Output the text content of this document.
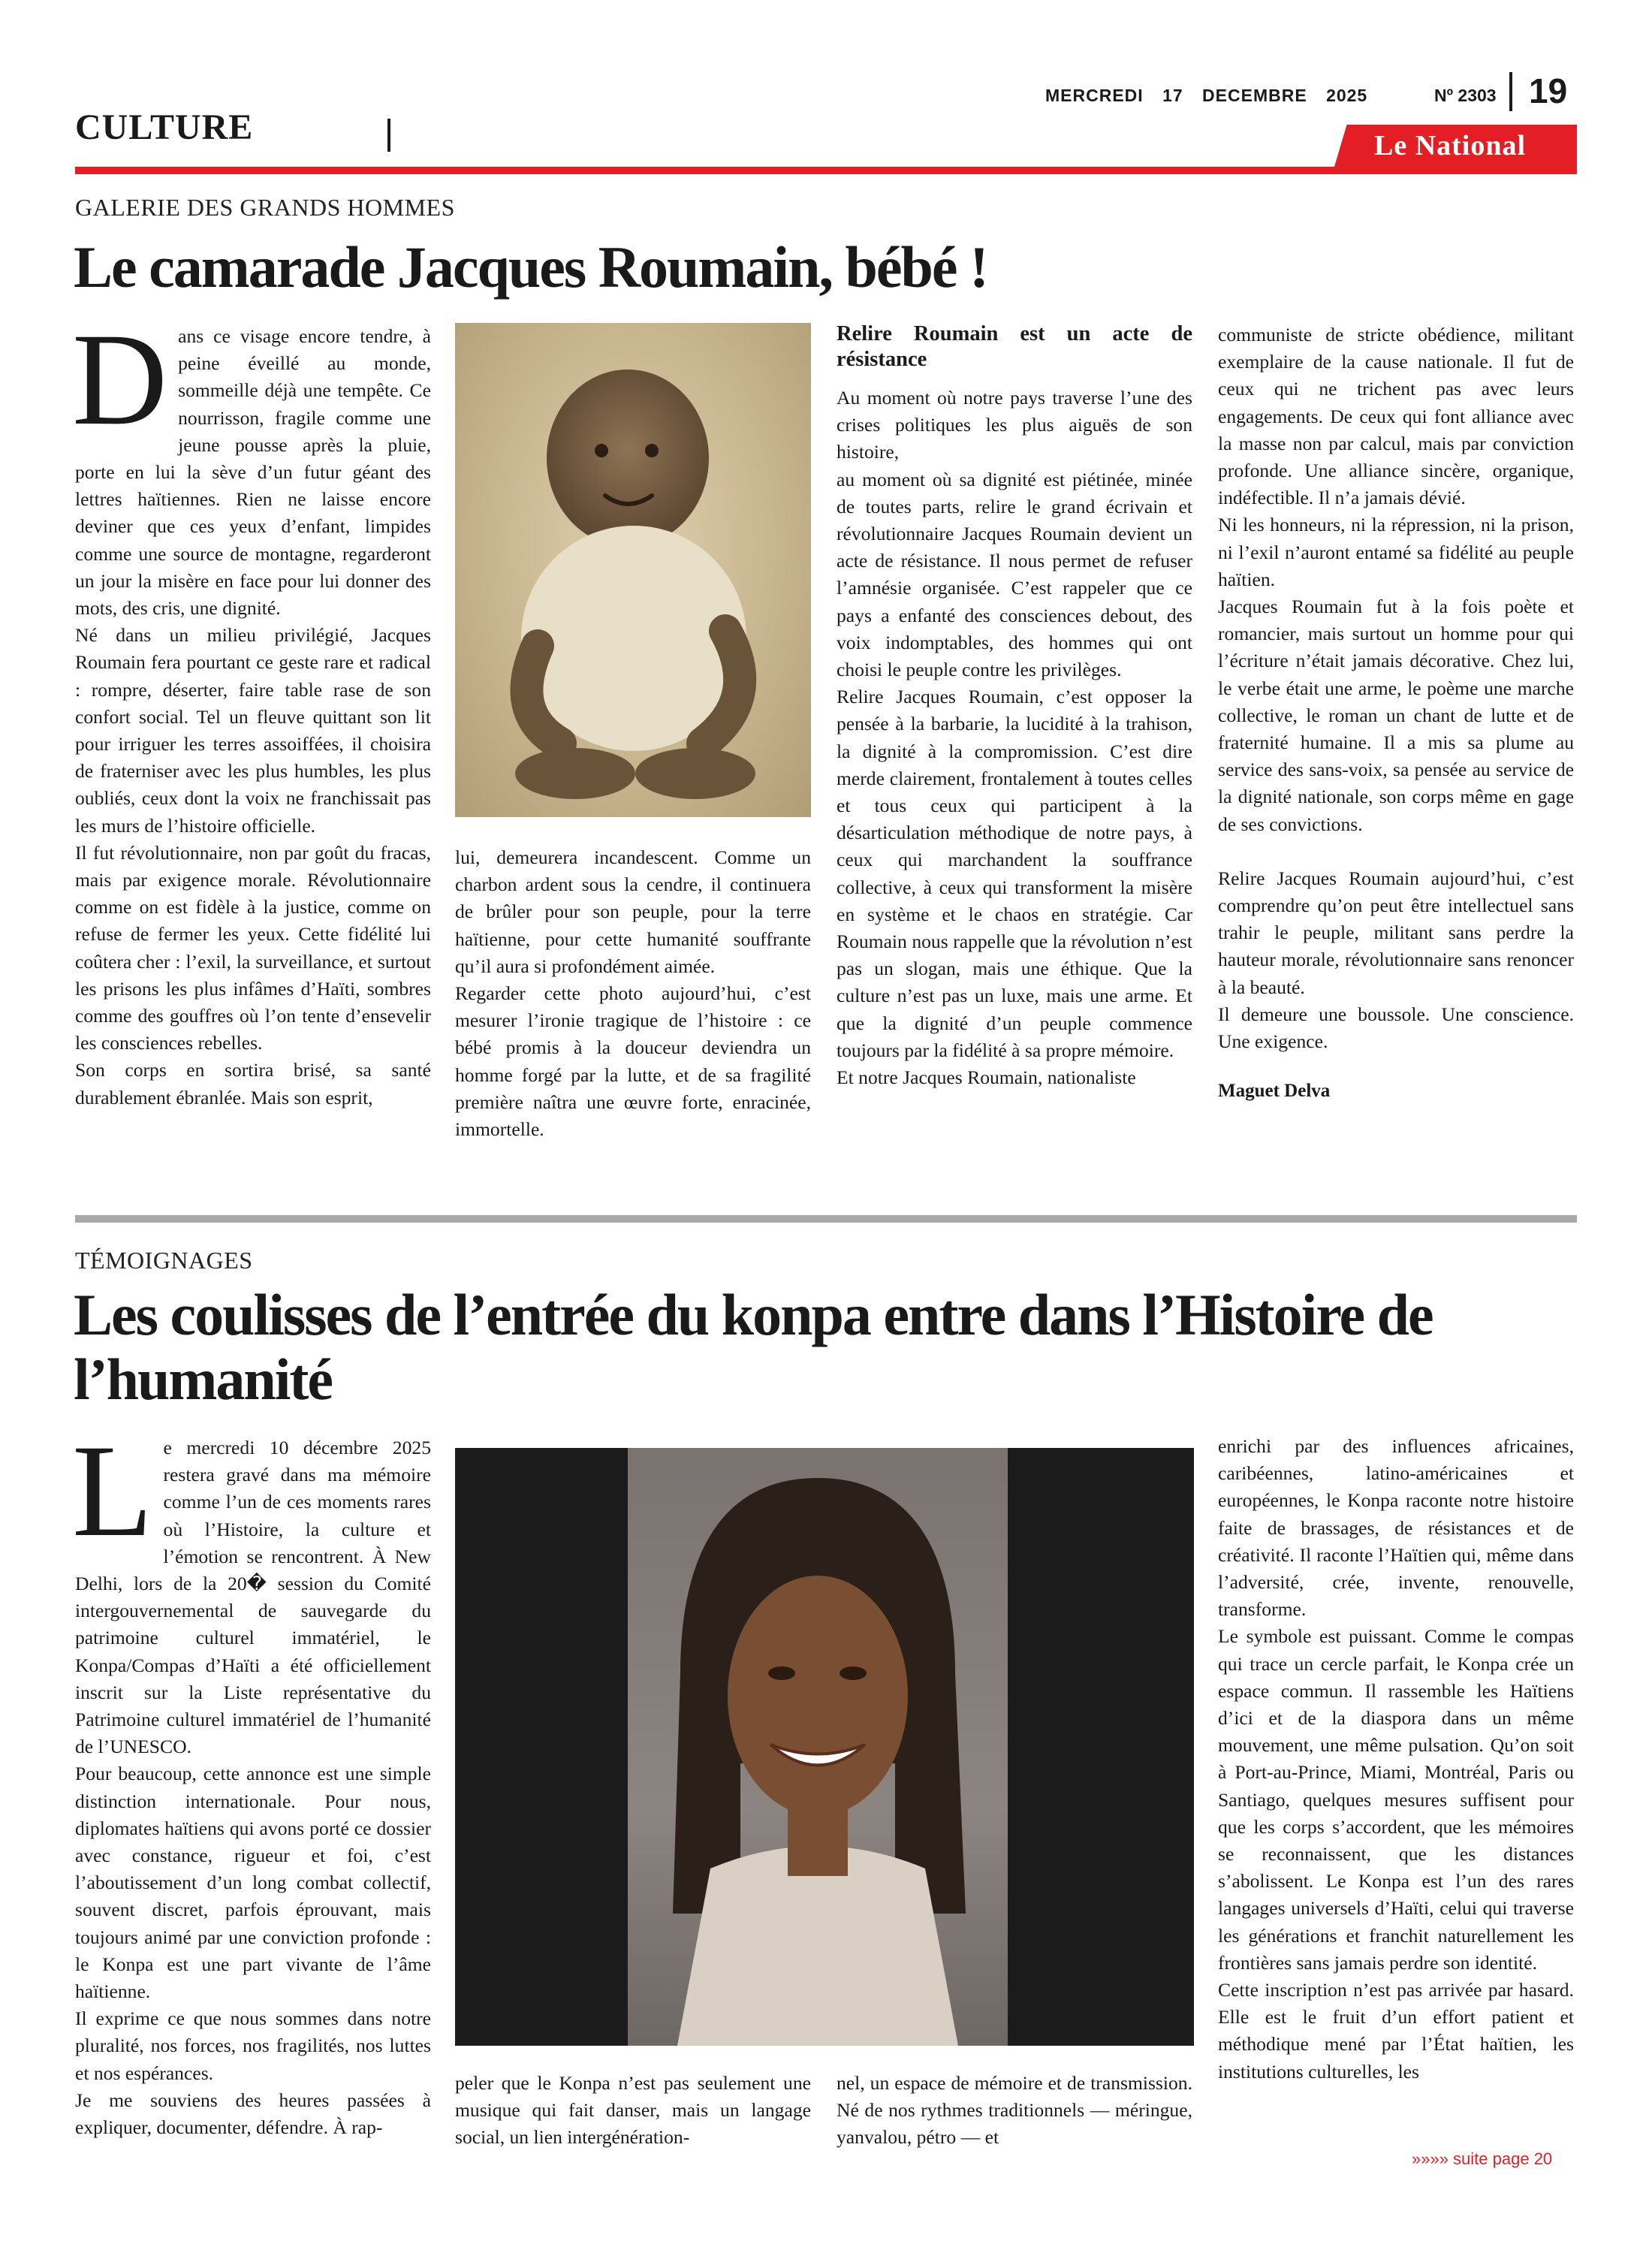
MERCREDI 17 DECEMBRE 2025	Nº 2303 19
CULTURE	Le National
GALERIE DES GRANDS HOMMES
Le camarade Jacques Roumain, bébé !
D ans ce visage encore tendre, à peine éveillé au monde, sommeille déjà une tempête. Ce nourrisson, fragile comme une jeune pousse après la pluie, porte en lui la sève d’un futur géant des lettres haïtiennes. Rien ne laisse encore deviner que ces yeux d’enfant, limpides comme une source de montagne, regarderont un jour la misère en face pour lui donner des mots, des cris, une dignité.

Né dans un milieu privilégié, Jacques Roumain fera pourtant ce geste rare et radical : rompre, déserter, faire table rase de son confort social. Tel un fleuve quittant son lit pour irriguer les terres assoiffées, il choisira de fraterniser avec les plus humbles, les plus oubliés, ceux dont la voix ne franchissait pas les murs de l’histoire officielle.

Il fut révolutionnaire, non par goût du fracas, mais par exigence morale. Révolutionnaire comme on est fidèle à la justice, comme on refuse de fermer les yeux. Cette fidélité lui coûtera cher : l’exil, la surveillance, et surtout les prisons les plus infâmes d’Haïti, sombres comme des gouffres où l’on tente d’ensevelir les consciences rebelles.

Son corps en sortira brisé, sa santé durablement ébranlée. Mais son esprit,

lui, demeurera incandescent. Comme un charbon ardent sous la cendre, il continuera de brûler pour son peuple, pour la terre haïtienne, pour cette humanité souffrante qu’il aura si profondément aimée.

Regarder cette photo aujourd’hui, c’est mesurer l’ironie tragique de l’histoire : ce bébé promis à la douceur deviendra un homme forgé par la lutte, et de sa fragilité première naîtra une œuvre forte, enracinée, immortelle.

Relire Roumain est un acte de résistance

Au moment où notre pays traverse l’une des crises politiques les plus aiguës de son histoire,

au moment où sa dignité est piétinée, minée de toutes parts, relire le grand écrivain et révolutionnaire Jacques Roumain devient un acte de résistance. Il nous permet de refuser l’amnésie organisée. C’est rappeler que ce pays a enfanté des consciences debout, des voix indomptables, des hommes qui ont choisi le peuple contre les privilèges.

Relire Jacques Roumain, c’est opposer la pensée à la barbarie, la lucidité à la trahison, la dignité à la compromission. C’est dire merde clairement, frontalement à toutes celles et tous ceux qui participent à la désarticulation méthodique de notre pays, à ceux qui marchandent la souffrance collective, à ceux qui transforment la misère en système et le chaos en stratégie. Car Roumain nous rappelle que la révolution n’est pas un slogan, mais une éthique. Que la culture n’est pas un luxe, mais une arme. Et que la dignité d’un peuple commence toujours par la fidélité à sa propre mémoire.

Et notre Jacques Roumain, nationaliste

communiste de stricte obédience, militant exemplaire de la cause nationale. Il fut de ceux qui ne trichent pas avec leurs engagements. De ceux qui font alliance avec la masse non par calcul, mais par conviction profonde. Une alliance sincère, organique, indéfectible. Il n’a jamais dévié.

Ni les honneurs, ni la répression, ni la prison, ni l’exil n’auront entamé sa fidélité au peuple haïtien.

Jacques Roumain fut à la fois poète et romancier, mais surtout un homme pour qui l’écriture n’était jamais décorative. Chez lui, le verbe était une arme, le poème une marche collective, le roman un chant de lutte et de fraternité humaine. Il a mis sa plume au service des sans-voix, sa pensée au service de la dignité nationale, son corps même en gage de ses convictions.

Relire Jacques Roumain aujourd’hui, c’est comprendre qu’on peut être intellectuel sans trahir le peuple, militant sans perdre la hauteur morale, révolutionnaire sans renoncer à la beauté.

Il demeure une boussole. Une conscience. Une exigence.

Maguet Delva
TÉMOIGNAGES
Les coulisses de l’entrée du konpa entre dans l’Histoire de
l’humanité
L e mercredi 10 décembre 2025 restera gravé dans ma mémoire comme l’un de ces moments rares où l’Histoire, la culture et l’émotion se rencontrent. À New Delhi, lors de la 20� session du Comité intergouvernemental de sauvegarde du patrimoine culturel immatériel, le Konpa/Compas d’Haïti a été officiellement inscrit sur la Liste représentative du Patrimoine culturel immatériel de l’humanité de l’UNESCO.

Pour beaucoup, cette annonce est une simple distinction internationale. Pour nous, diplomates haïtiens qui avons porté ce dossier avec constance, rigueur et foi, c’est l’aboutissement d’un long combat collectif, souvent discret, parfois éprouvant, mais toujours animé par une conviction profonde : le Konpa est une part vivante de l’âme haïtienne.

Il exprime ce que nous sommes dans notre pluralité, nos forces, nos fragilités, nos luttes et nos espérances.

Je me souviens des heures passées à expliquer, documenter, défendre. À rap-

peler que le Konpa n’est pas seulement une musique qui fait danser, mais un langage social, un lien intergénération-

nel, un espace de mémoire et de transmission. Né de nos rythmes traditionnels — méringue, yanvalou, pétro — et

enrichi par des influences africaines, caribéennes, latino-américaines et européennes, le Konpa raconte notre histoire faite de brassages, de résistances et de créativité. Il raconte l’Haïtien qui, même dans l’adversité, crée, invente, renouvelle, transforme.

Le symbole est puissant. Comme le compas qui trace un cercle parfait, le Konpa crée un espace commun. Il rassemble les Haïtiens d’ici et de la diaspora dans un même mouvement, une même pulsation. Qu’on soit à Port-au-Prince, Miami, Montréal, Paris ou Santiago, quelques mesures suffisent pour que les corps s’accordent, que les mémoires se reconnaissent, que les distances s’abolissent. Le Konpa est l’un des rares langages universels d’Haïti, celui qui traverse les générations et franchit naturellement les frontières sans jamais perdre son identité.

Cette inscription n’est pas arrivée par hasard. Elle est le fruit d’un effort patient et méthodique mené par l’État haïtien, les institutions culturelles, les

»»»» suite page 20
